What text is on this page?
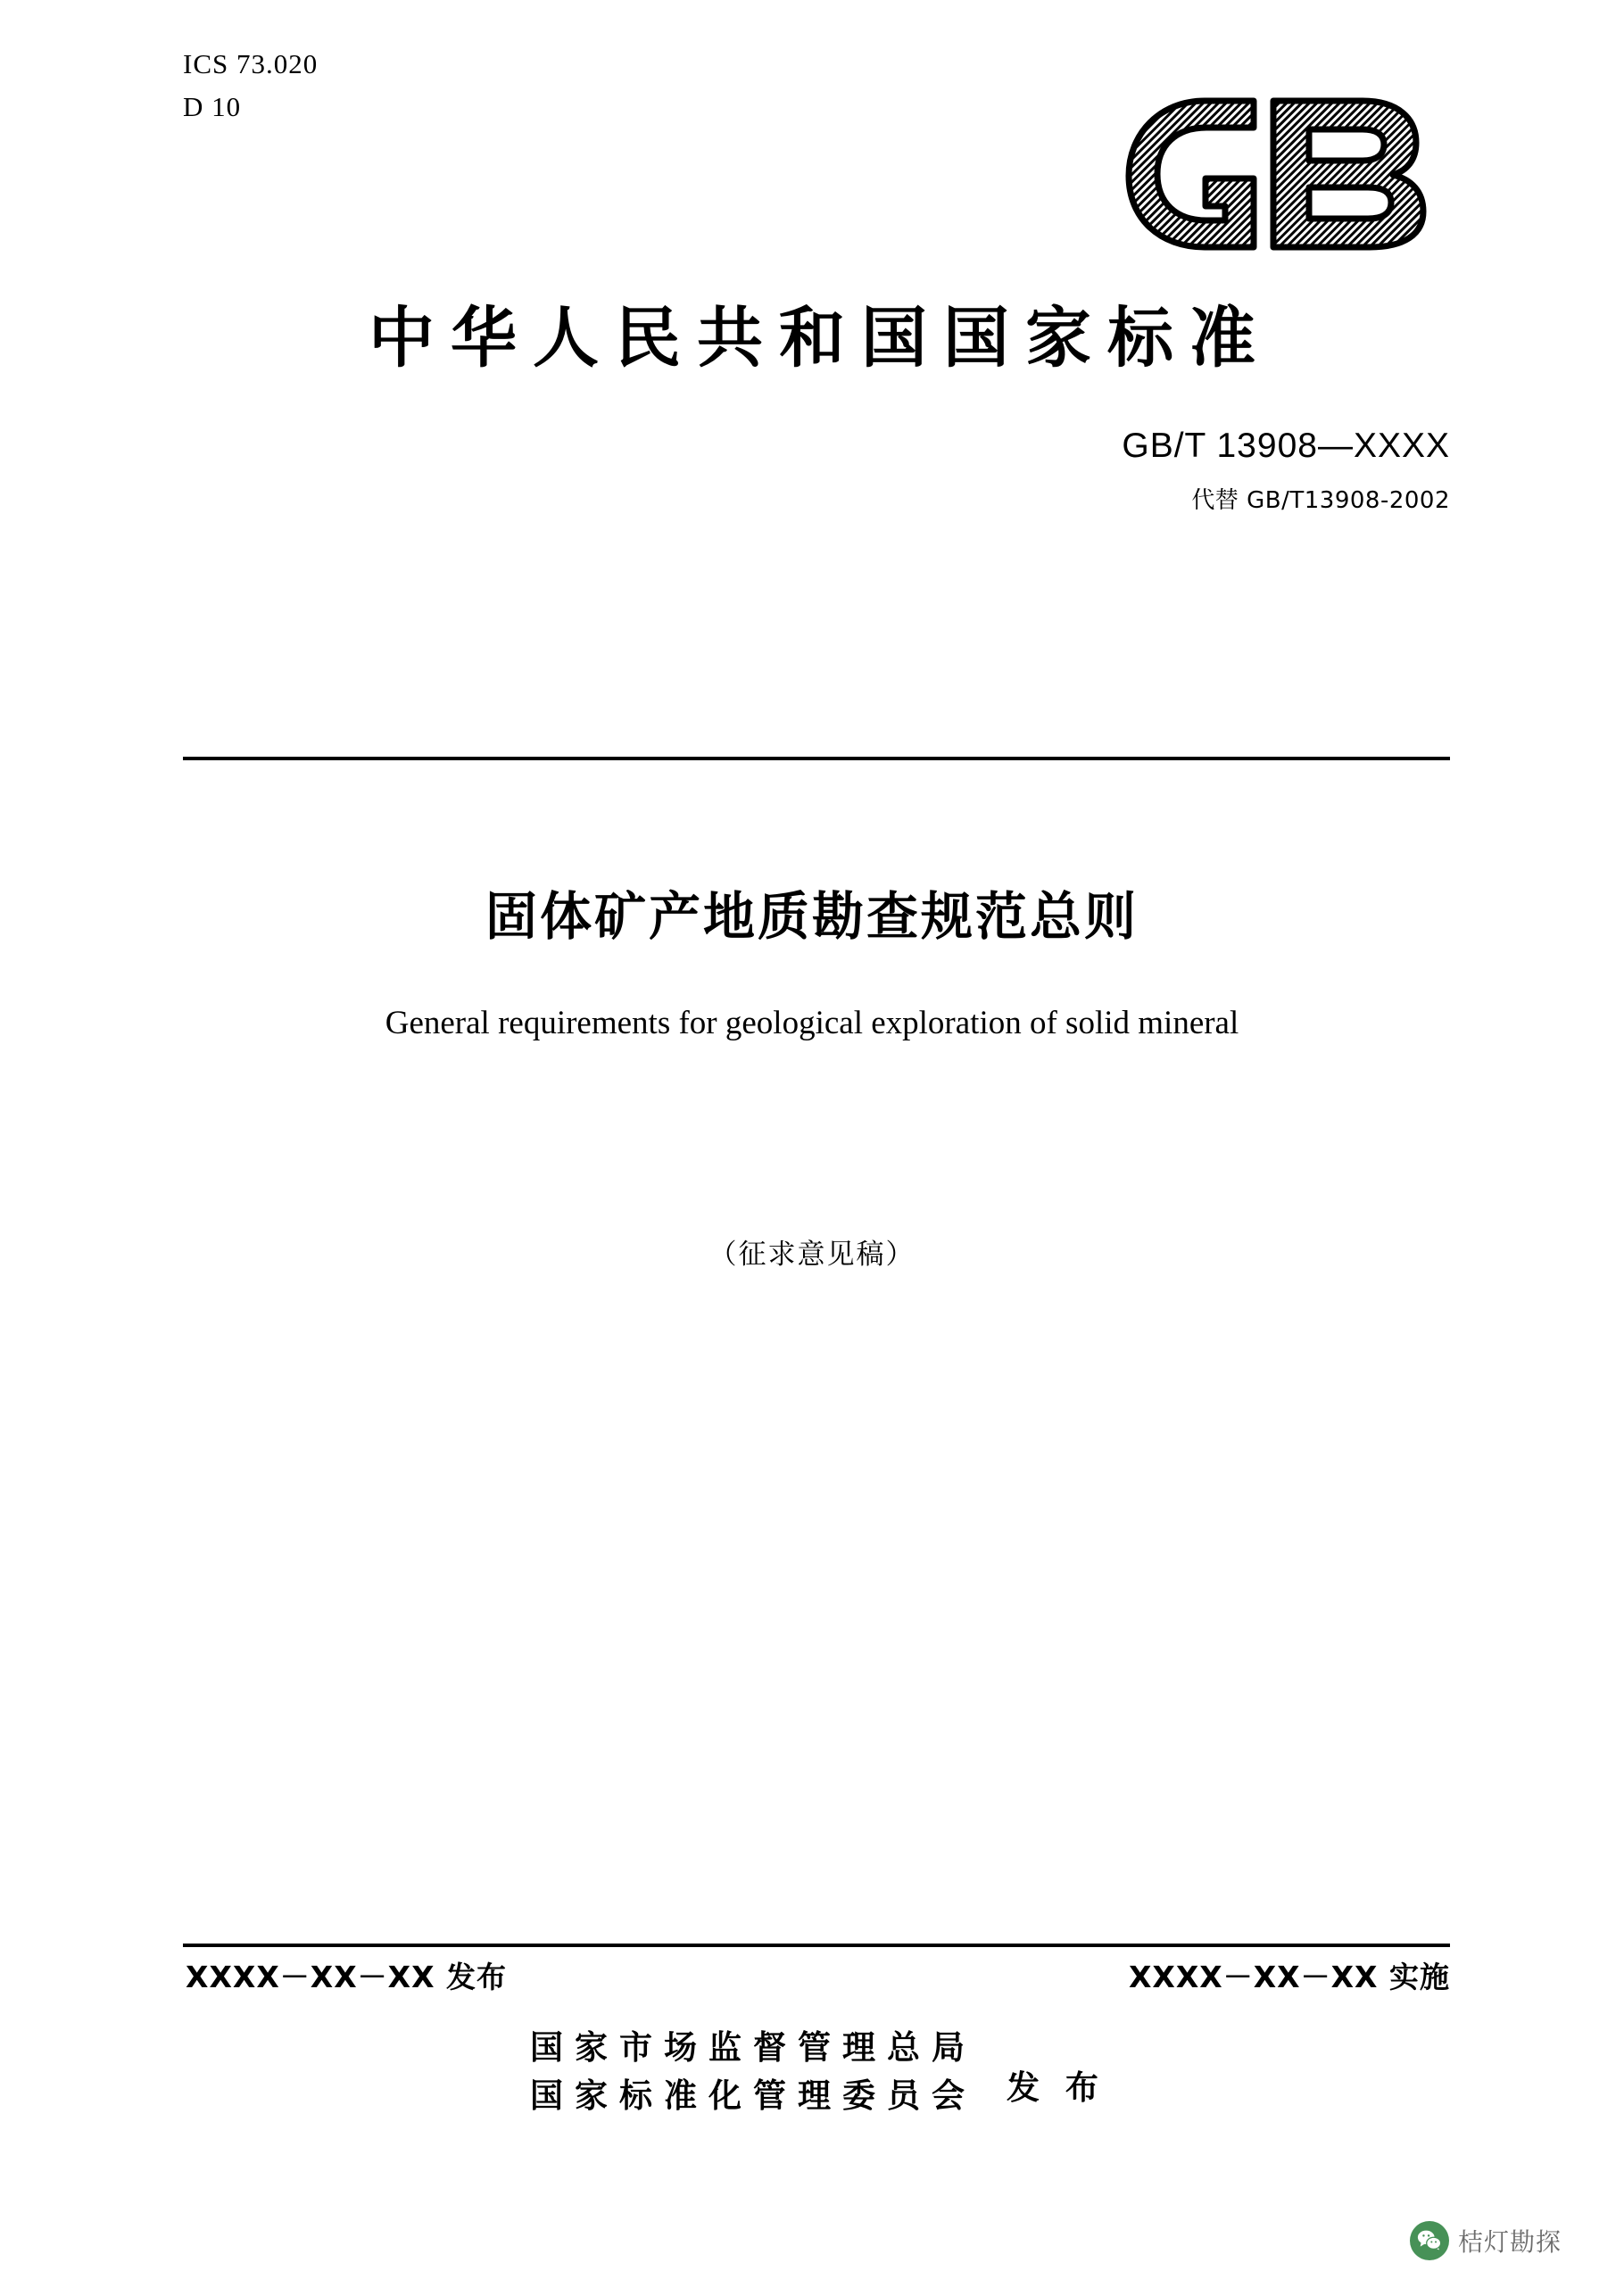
ICS 73.020
D 10
中华人民共和国国家标准
GB/T 13908—XXXX
代替 GB/T13908-2002
固体矿产地质勘查规范总则
General requirements for geological exploration of solid mineral
（征求意见稿）
XXXX－XX－XX 发布	XXXX－XX－XX 实施
国家市场监督管理总局
国家标准化管理委员会 发 布
桔灯勘探
